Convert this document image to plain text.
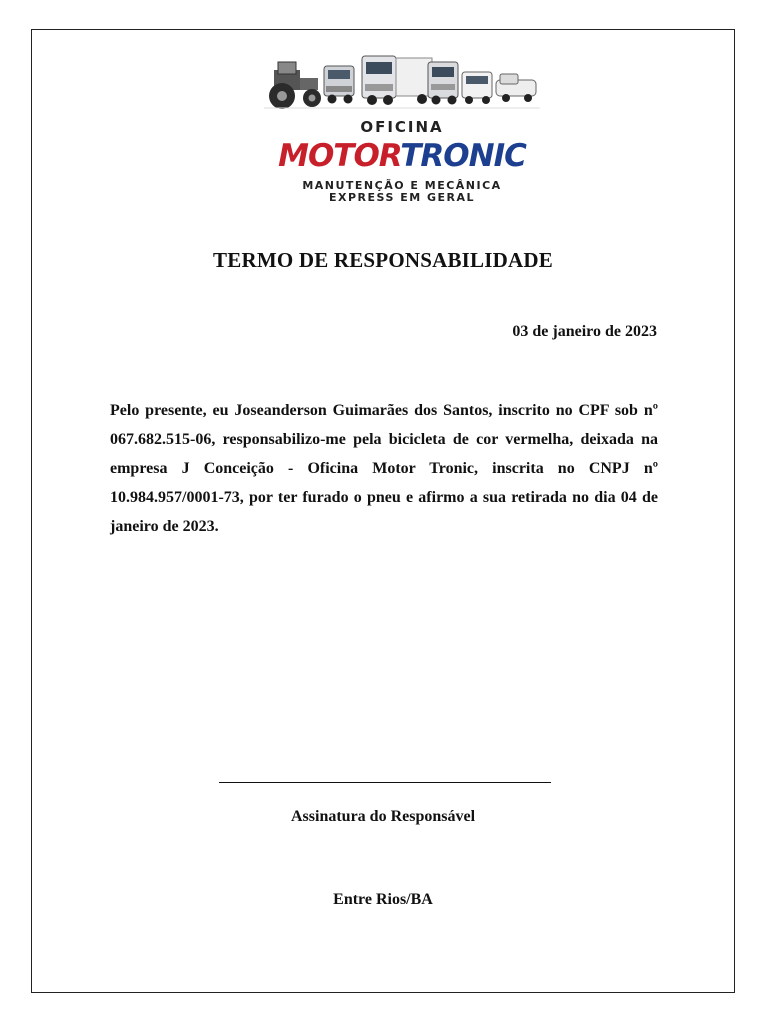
OFICINA
MOTORTRONIC
MANUTENÇÃO E MECÂNICA
EXPRESS EM GERAL
TERMO DE RESPONSABILIDADE
03 de janeiro de 2023
Pelo presente, eu Joseanderson Guimarães dos Santos, inscrito no CPF sob nº 067.682.515-06, responsabilizo-me pela bicicleta de cor vermelha, deixada na empresa J Conceição - Oficina Motor Tronic, inscrita no CNPJ nº 10.984.957/0001-73, por ter furado o pneu e afirmo a sua retirada no dia 04 de janeiro de 2023.
Assinatura do Responsável
Entre Rios/BA
